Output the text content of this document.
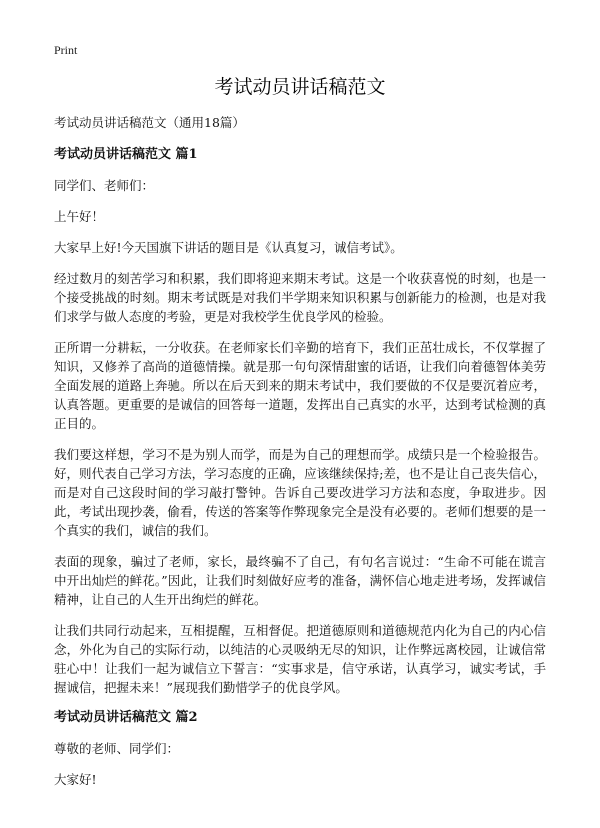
Print
考试动员讲话稿范文
考试动员讲话稿范文（通用18篇）
考试动员讲话稿范文 篇1

同学们、老师们：

上午好！

大家早上好!今天国旗下讲话的题目是《认真复习，诚信考试》。

经过数月的刻苦学习和积累，我们即将迎来期末考试。这是一个收获喜悦的时刻，也是一个接受挑战的时刻。期末考试既是对我们半学期来知识积累与创新能力的检测，也是对我们求学与做人态度的考验，更是对我校学生优良学风的检验。

正所谓一分耕耘，一分收获。在老师家长们辛勤的培育下，我们正茁壮成长，不仅掌握了知识，又修养了高尚的道德情操。就是那一句句深情甜蜜的话语，让我们向着德智体美劳全面发展的道路上奔驰。所以在后天到来的期末考试中，我们要做的不仅是要沉着应考，认真答题。更重要的是诚信的回答每一道题，发挥出自己真实的水平，达到考试检测的真正目的。

我们要这样想，学习不是为别人而学，而是为自己的理想而学。成绩只是一个检验报告。好，则代表自己学习方法，学习态度的正确，应该继续保持;差，也不是让自己丧失信心，而是对自己这段时间的学习敲打警钟。告诉自己要改进学习方法和态度，争取进步。因此，考试出现抄袭，偷看，传送的答案等作弊现象完全是没有必要的。老师们想要的是一个真实的我们，诚信的我们。

表面的现象，骗过了老师，家长，最终骗不了自己，有句名言说过：“生命不可能在谎言中开出灿烂的鲜花。”因此，让我们时刻做好应考的准备，满怀信心地走进考场，发挥诚信精神，让自己的人生开出绚烂的鲜花。

让我们共同行动起来，互相提醒，互相督促。把道德原则和道德规范内化为自己的内心信念，外化为自己的实际行动，以纯洁的心灵吸纳无尽的知识，让作弊远离校园，让诚信常驻心中！让我们一起为诚信立下誓言：“实事求是，信守承诺，认真学习，诚实考试，手握诚信，把握未来！”展现我们勤惜学子的优良学风。

考试动员讲话稿范文 篇2

尊敬的老师、同学们：

大家好!
